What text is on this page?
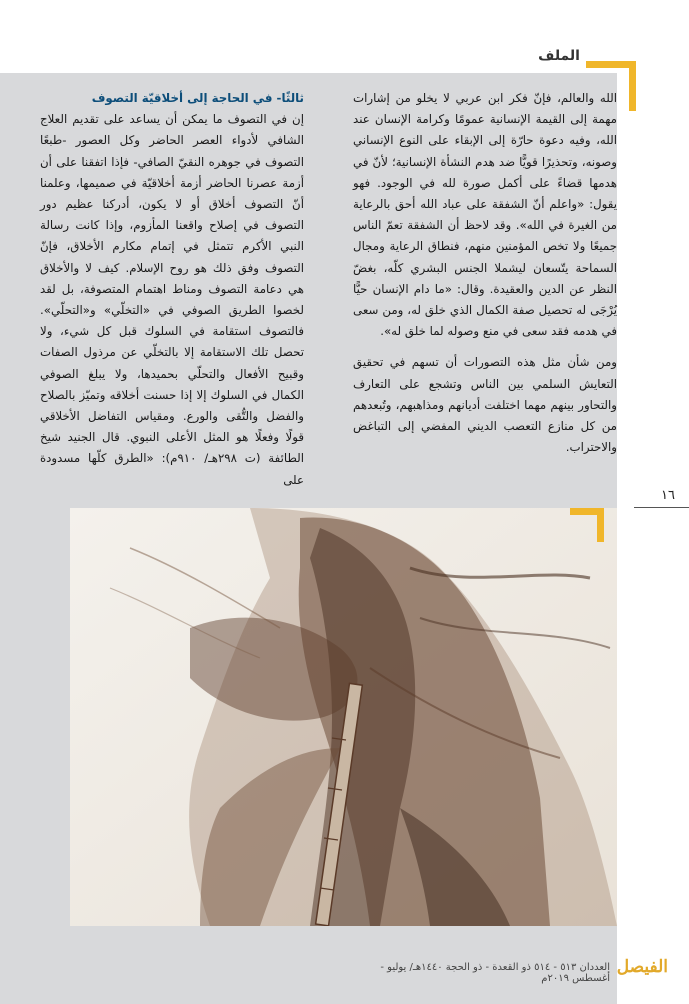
الملف

الله والعالم، فإنّ فكر ابن عربي لا يخلو من إشارات مهمة إلى القيمة الإنسانية عمومًا وكرامة الإنسان عند الله، وفيه دعوة حارّة إلى الإبقاء على النوع الإنساني وصونه، وتحذيرًا قويًّا ضد هدم النشأة الإنسانية؛ لأنّ في هدمها قضاءً على أكمل صورة لله في الوجود. فهو يقول: «واعلم أنّ الشفقة على عباد الله أحق بالرعاية من الغيرة في الله». وقد لاحظ أن الشفقة تعمّ الناس جميعًا ولا تخص المؤمنين منهم، فنطاق الرعاية ومجال السماحة يتّسعان ليشملا الجنس البشري كلّه، بغضّ النظر عن الدين والعقيدة. وقال: «ما دام الإنسان حيًّا يُرْجَى له تحصيل صفة الكمال الذي خلق له، ومن سعى في هدمه فقد سعى في منع وصوله لما خلق له».

ومن شأن مثل هذه التصورات أن تسهم في تحقيق التعايش السلمي بين الناس وتشجع على التعارف والتحاور بينهم مهما اختلفت أديانهم ومذاهبهم، وتُبعدهم من كل منازع التعصب الديني المفضي إلى التباغض والاحتراب.

ثالثًا- في الحاجة إلى أخلاقيّة التصوف

إن في التصوف ما يمكن أن يساعد على تقديم العلاج الشافي لأدواء العصر الحاضر وكل العصور -طبعًا التصوف في جوهره النقيّ الصافي- فإذا اتفقنا على أن أزمة عصرنا الحاضر أزمة أخلاقيّة في صميمها، وعلمنا أنّ التصوف أخلاق أو لا يكون، أدركنا عظيم دور التصوف في إصلاح واقعنا المأزوم، وإذا كانت رسالة النبي الأكرم تتمثل في إتمام مكارم الأخلاق، فإنّ التصوف وفق ذلك هو روح الإسلام. كيف لا والأخلاق هي دعامة التصوف ومناط اهتمام المتصوفة، بل لقد لخصوا الطريق الصوفي في «التخلّي» و«التحلّي». فالتصوف استقامة في السلوك قبل كل شيء، ولا تحصل تلك الاستقامة إلا بالتخلّي عن مرذول الصفات وقبيح الأفعال والتحلّي بحميدها، ولا يبلغ الصوفي الكمال في السلوك إلا إذا حسنت أخلاقه وتميّز بالصلاح والفضل والتُّقى والورع. ومقياس التفاضل الأخلاقي قولًا وفعلًا هو المثل الأعلى النبوي. قال الجنيد شيخ الطائفة (ت ٢٩٨هـ/ ٩١٠م): «الطرق كلّها مسدودة على

١٦
الفيصل
العددان ٥١٣ - ٥١٤ ذو القعدة - ذو الحجة ١٤٤٠هـ/ يوليو - أغسطس ٢٠١٩م
